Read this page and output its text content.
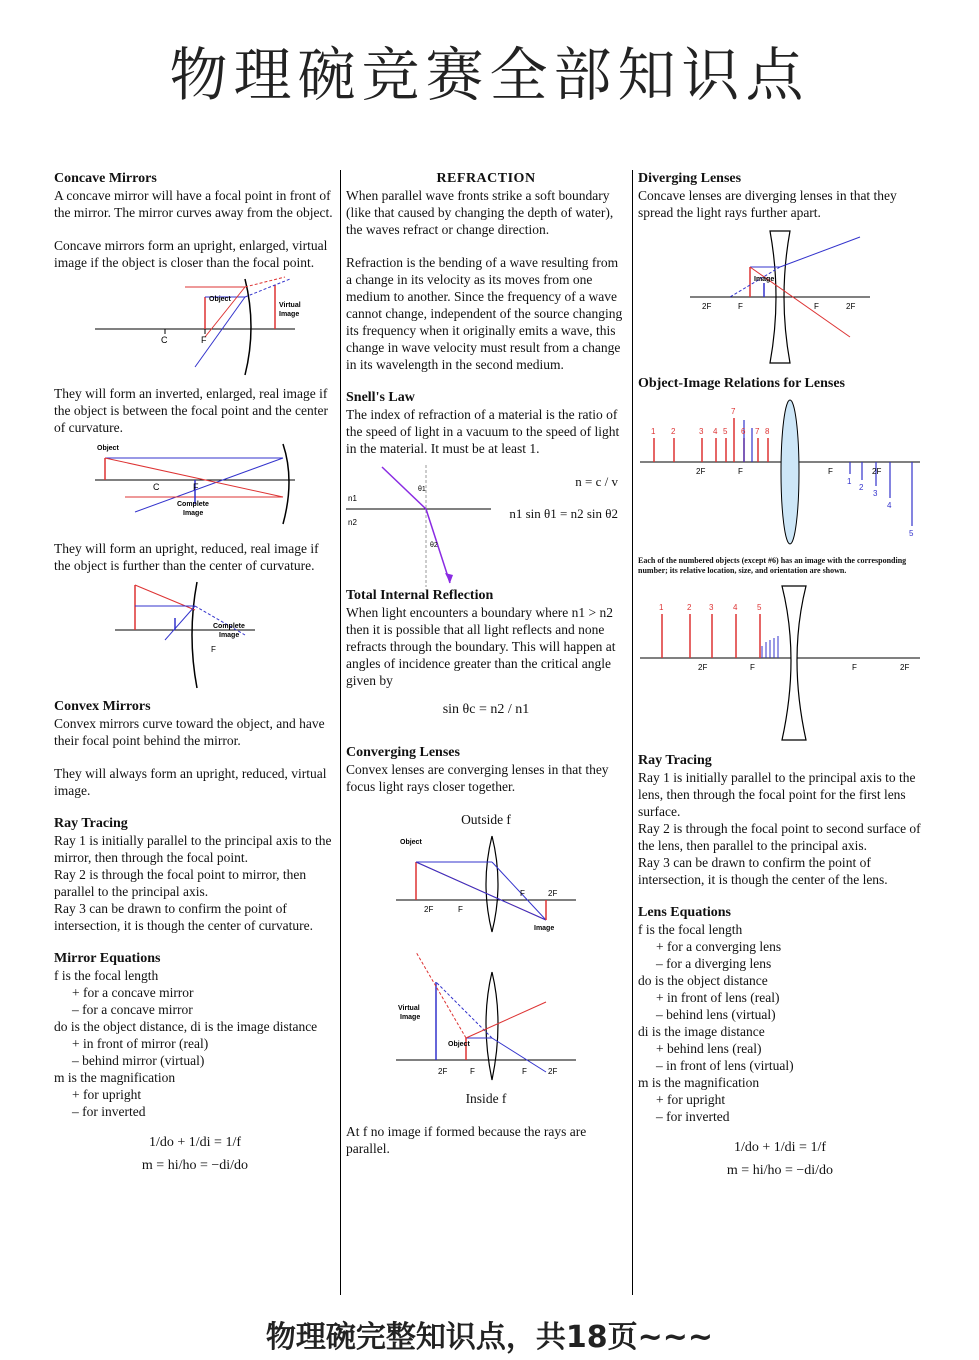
物理碗竞赛全部知识点
Concave Mirrors

A concave mirror will have a focal point in front of the mirror. The mirror curves away from the object.

Concave mirrors form an upright, enlarged, virtual image if the object is closer than the focal point.

Object
Virtual
Image
C	F

They will form an inverted, enlarged, real image if the object is between the focal point and the center of curvature.

Object
C	F
Complete
Image

They will form an upright, reduced, real image if the object is further than the center of curvature.

Complete
Image
F
Convex Mirrors

Convex mirrors curve toward the object, and have their focal point behind the mirror.

They will always form an upright, reduced, virtual image.

Ray Tracing
Ray 1 is initially parallel to the principal axis to the mirror, then through the focal point.
Ray 2 is through the focal point to mirror, then parallel to the principal axis.

Ray 3 can be drawn to confirm the point of intersection, it is though the center of curvature.

Mirror Equations
f is the focal length
+ for a concave mirror
– for a concave mirror
do is the object distance, di is the image distance
+ in front of mirror (real)
– behind mirror (virtual)
m is the magnification
+ for upright
– for inverted
1/do + 1/di = 1/f
m = hi/ho = −di/do
REFRACTION

When parallel wave fronts strike a soft boundary (like that caused by changing the depth of water), the waves refract or change direction.

Refraction is the bending of a wave resulting from a change in its velocity as its moves from one medium to another. Since the frequency of a wave cannot change, independent of the source changing its frequency when it originally emits a wave, this change in wave velocity must result from a change in its wavelength in the second medium.

Snell's Law

The index of refraction of a material is the ratio of the speed of light in a vacuum to the speed of light in the material. It must be at least 1.

n1
n2
θ1
θ2
n = c / v
n1 sin θ1 = n2 sin θ2
Total Internal Reflection

When light encounters a boundary where n1 > n2 then it is possible that all light reflects and none refracts through the boundary. This will happen at angles of incidence greater than the critical angle given by

sin θc = n2 / n1
Converging Lenses

Convex lenses are converging lenses in that they focus light rays closer together.

Outside f
Object
2F	F
F	2F
Image
Virtual
Image
Object
2F	F	F	2F
Inside f

At f no image if formed because the rays are parallel.

Diverging Lenses

Concave lenses are diverging lenses in that they spread the light rays further apart.

Image
2F	F	F	2F
Object-Image Relations for Lenses
1 2	3 4 5 6
7
7 8
1
2
3
4
5
2F	F	F	2F
Each of the numbered objects (except #6) has an image with the corresponding number; its relative location, size, and orientation are shown.
1	2 3 4 5
2F	F	F	2F
Ray Tracing
Ray 1 is initially parallel to the principal axis to the lens, then through the focal point for the first lens surface.
Ray 2 is through the focal point to second surface of the lens, then parallel to the principal axis.

Ray 3 can be drawn to confirm the point of intersection, it is though the center of the lens.

Lens Equations
f is the focal length
+ for a converging lens
– for a diverging lens
do is the object distance
+ in front of lens (real)
– behind lens (virtual)
di is the image distance
+ behind lens (real)
– in front of lens (virtual)
m is the magnification
+ for upright
– for inverted
1/do + 1/di = 1/f
m = hi/ho = −di/do
物理碗完整知识点，共18页~~~
